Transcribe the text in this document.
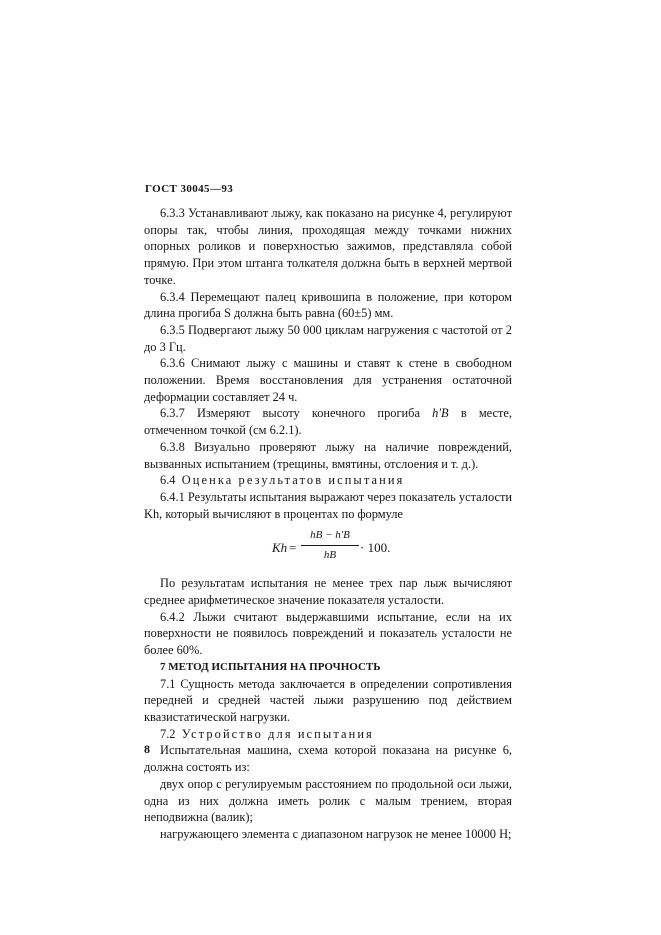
ГОСТ 30045—93

6.3.3 Устанавливают лыжу, как показано на рисунке 4, регулируют опоры так, чтобы линия, проходящая между точками нижних опорных роликов и поверхностью зажимов, представляла собой прямую. При этом штанга толкателя должна быть в верхней мертвой точке.

6.3.4 Перемещают палец кривошипа в положение, при котором длина прогиба S должна быть равна (60±5) мм.

6.3.5 Подвергают лыжу 50 000 циклам нагружения с частотой от 2 до 3 Гц.

6.3.6 Снимают лыжу с машины и ставят к стене в свободном положении. Время восстановления для устранения остаточной деформации составляет 24 ч.

6.3.7 Измеряют высоту конечного прогиба h′B в месте, отмеченном точкой (см 6.2.1).

6.3.8 Визуально проверяют лыжу на наличие повреждений, вызванных испытанием (трещины, вмятины, отслоения и т. д.).

6.4 Оценка результатов испытания

6.4.1 Результаты испытания выражают через показатель усталости Kh, который вычисляют в процентах по формуле

$Kh = \frac{hB - h'B}{hB} \cdot 100$.

По результатам испытания не менее трех пар лыж вычисляют среднее арифметическое значение показателя усталости.

6.4.2 Лыжи считают выдержавшими испытание, если на их поверхности не появилось повреждений и показатель усталости не более 60%.

7 МЕТОД ИСПЫТАНИЯ НА ПРОЧНОСТЬ

7.1 Сущность метода заключается в определении сопротивления передней и средней частей лыжи разрушению под действием квазистатической нагрузки.

7.2 Устройство для испытания

Испытательная машина, схема которой показана на рисунке 6, должна состоять из:

двух опор с регулируемым расстоянием по продольной оси лыжи, одна из них должна иметь ролик с малым трением, вторая неподвижна (валик);

нагружающего элемента с диапазоном нагрузок не менее 10000 Н;

8
